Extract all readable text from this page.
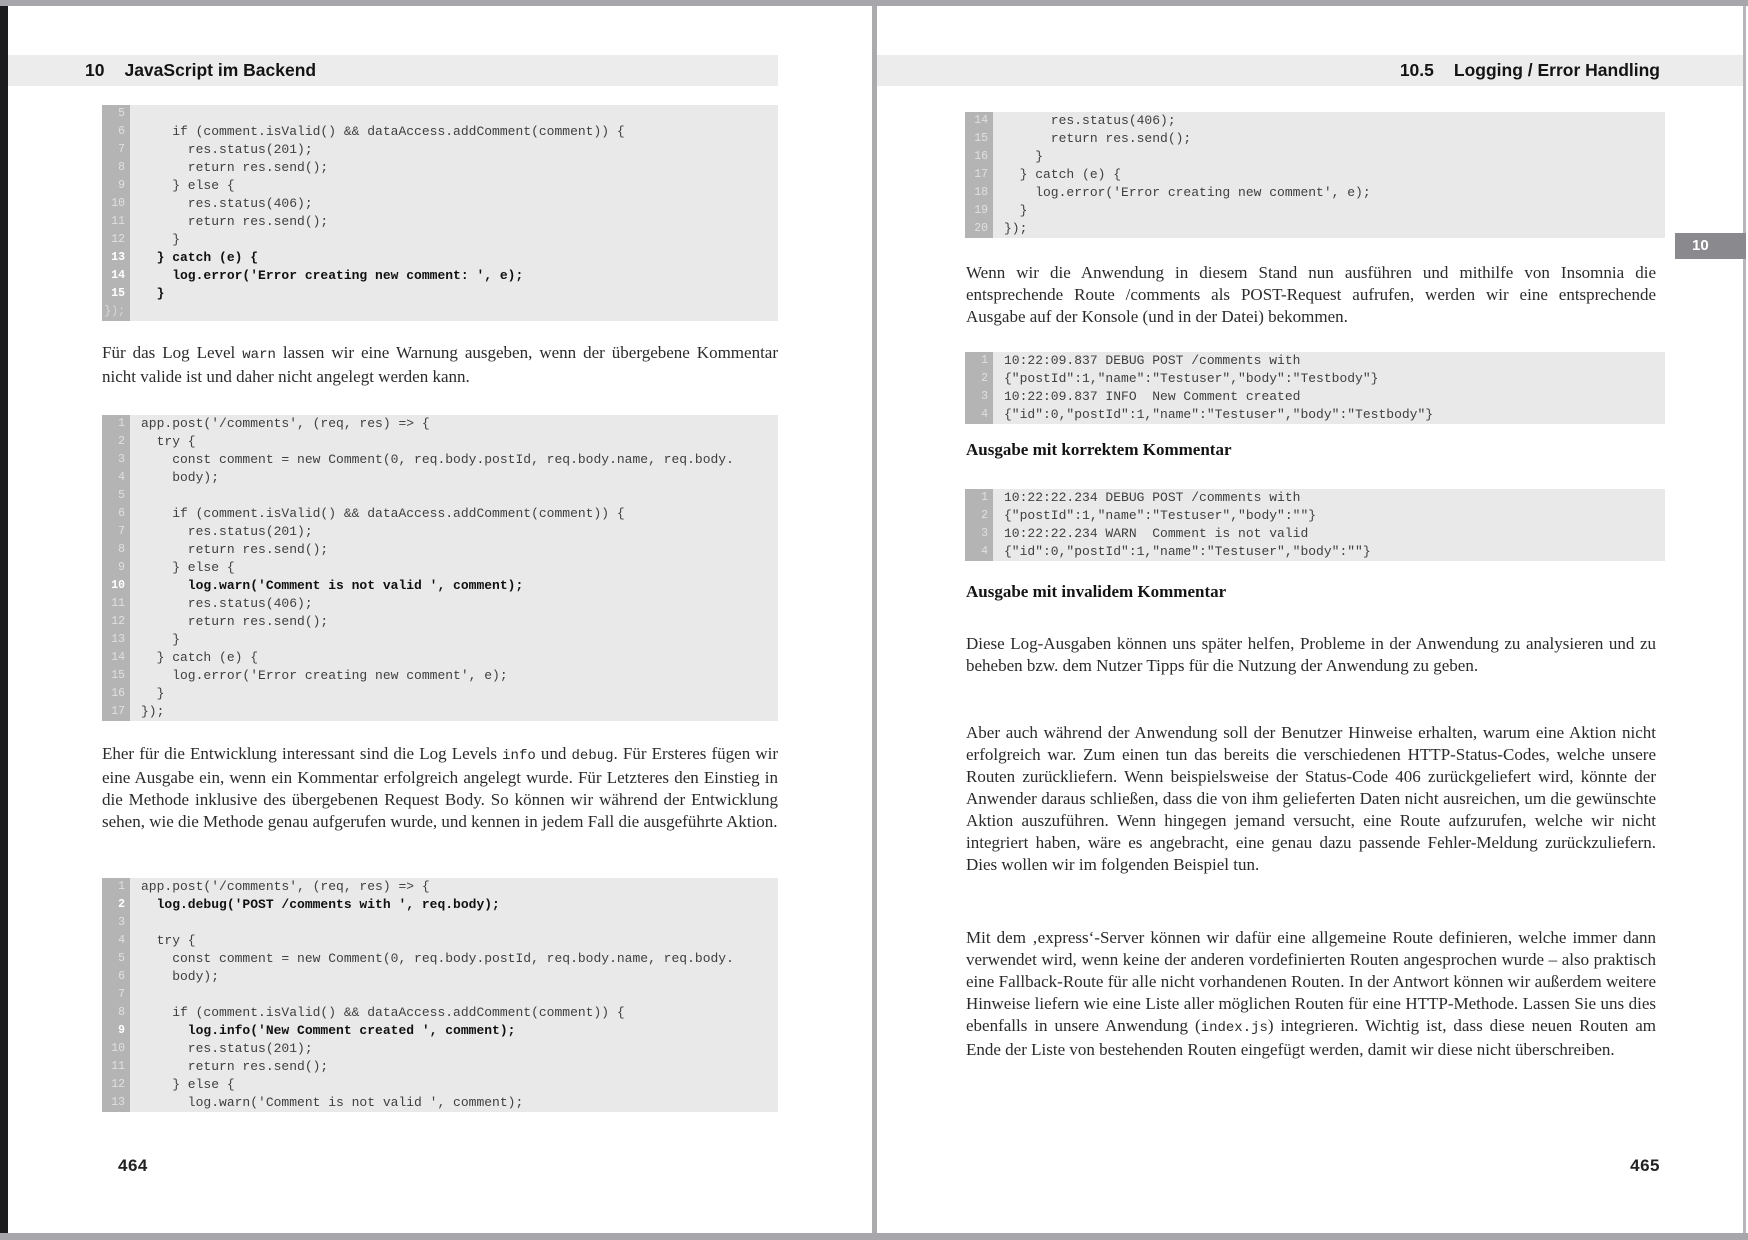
10 JavaScript im Backend
5
6	if (comment.isValid() && dataAccess.addComment(comment)) {
7	res.status(201);
8	return res.send();
9	} else {
10	res.status(406);
11	return res.send();
12	}
13	} catch (e) {
14	log.error('Error creating new comment: ', e);
15	}
});
Für das Log Level warn lassen wir eine Warnung ausgeben, wenn der übergebene Kommentar nicht valide ist und daher nicht angelegt werden kann.
1	app.post('/comments', (req, res) => {
2	try {
3	const comment = new Comment(0, req.body.postId, req.body.name, req.body.
4	body);
5
6	if (comment.isValid() && dataAccess.addComment(comment)) {
7	res.status(201);
8	return res.send();
9	} else {
10	log.warn('Comment is not valid ', comment);
11	res.status(406);
12	return res.send();
13	}
14	} catch (e) {
15	log.error('Error creating new comment', e);
16	}
17	});
Eher für die Entwicklung interessant sind die Log Levels info und debug. Für Ersteres fügen wir eine Ausgabe ein, wenn ein Kommentar erfolgreich angelegt wurde. Für Letzteres den Einstieg in die Methode inklusive des übergebenen Request Body. So können wir während der Entwicklung sehen, wie die Methode genau aufgerufen wurde, und kennen in jedem Fall die ausgeführte Aktion.
1	app.post('/comments', (req, res) => {
2	log.debug('POST /comments with ', req.body);
3
4	try {
5	const comment = new Comment(0, req.body.postId, req.body.name, req.body.
6	body);
7
8	if (comment.isValid() && dataAccess.addComment(comment)) {
9	log.info('New Comment created ', comment);
10	res.status(201);
11	return res.send();
12	} else {
13	log.warn('Comment is not valid ', comment);
464
10.5 Logging / Error Handling
14	res.status(406);
15	return res.send();
16	}
17	} catch (e) {
18	log.error('Error creating new comment', e);
19	}
20	});
Wenn wir die Anwendung in diesem Stand nun ausführen und mithilfe von Insomnia die entsprechende Route /comments als POST-Request aufrufen, werden wir eine entsprechende Ausgabe auf der Konsole (und in der Datei) bekommen.
1	10:22:09.837 DEBUG POST /comments with
2	{"postId":1,"name":"Testuser","body":"Testbody"}
3	10:22:09.837 INFO  New Comment created
4	{"id":0,"postId":1,"name":"Testuser","body":"Testbody"}
Ausgabe mit korrektem Kommentar
1	10:22:22.234 DEBUG POST /comments with
2	{"postId":1,"name":"Testuser","body":""}
3	10:22:22.234 WARN  Comment is not valid
4	{"id":0,"postId":1,"name":"Testuser","body":""}
Ausgabe mit invalidem Kommentar
Diese Log-Ausgaben können uns später helfen, Probleme in der Anwendung zu analysieren und zu beheben bzw. dem Nutzer Tipps für die Nutzung der Anwendung zu geben.
Aber auch während der Anwendung soll der Benutzer Hinweise erhalten, warum eine Aktion nicht erfolgreich war. Zum einen tun das bereits die verschiedenen HTTP-Status-Codes, welche unsere Routen zurückliefern. Wenn beispielsweise der Status-Code 406 zurückgeliefert wird, könnte der Anwender daraus schließen, dass die von ihm gelieferten Daten nicht ausreichen, um die gewünschte Aktion auszuführen. Wenn hingegen jemand versucht, eine Route aufzurufen, welche wir nicht integriert haben, wäre es angebracht, eine genau dazu passende Fehler-Meldung zurückzuliefern. Dies wollen wir im folgenden Beispiel tun.
Mit dem ‚express‘-Server können wir dafür eine allgemeine Route definieren, welche immer dann verwendet wird, wenn keine der anderen vordefinierten Routen angesprochen wurde – also praktisch eine Fallback-Route für alle nicht vorhandenen Routen. In der Antwort können wir außerdem weitere Hinweise liefern wie eine Liste aller möglichen Routen für eine HTTP-Methode. Lassen Sie uns dies ebenfalls in unsere Anwendung (index.js) integrieren. Wichtig ist, dass diese neuen Routen am Ende der Liste von bestehenden Routen eingefügt werden, damit wir diese nicht überschreiben.
465
10
